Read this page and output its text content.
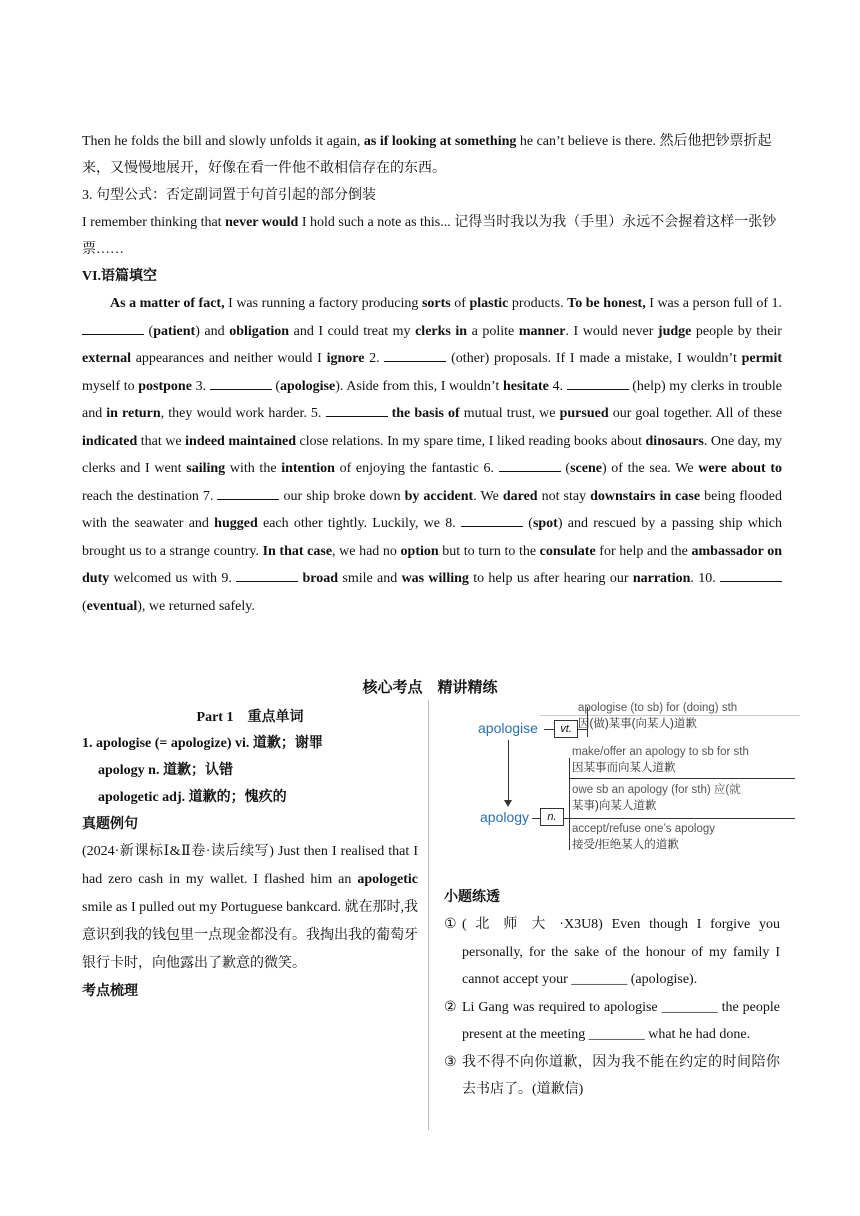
Then he folds the bill and slowly unfolds it again, as if looking at something he can’t believe is there. 然后他把钞票折起来，又慢慢地展开，好像在看一件他不敢相信存在的东西。
3. 句型公式：否定副词置于句首引起的部分倒装
I remember thinking that never would I hold such a note as this... 记得当时我以为我（手里）永远不会握着这样一张钞票……
VI.语篇填空

As a matter of fact, I was running a factory producing sorts of plastic products. To be honest, I was a person full of 1.  (patient) and obligation and I could treat my clerks in a polite manner. I would never judge people by their external appearances and neither would I ignore 2.	(other) proposals. If I made a mistake, I wouldn’t permit myself to postpone 3.	(apologise). Aside from this, I wouldn’t hesitate 4.	(help) my clerks in trouble and in return, they would work harder. 5.	the basis of mutual trust, we pursued our goal together. All of these indicated that we indeed maintained close relations. In my spare time, I liked reading books about dinosaurs. One day, my clerks and I went sailing with the intention of enjoying the fantastic 6.	(scene) of the sea. We were about to reach the destination 7.	our ship broke down by accident. We dared not stay downstairs in case being flooded with the seawater and hugged each other tightly. Luckily, we 8.	(spot) and rescued by a passing ship which brought us to a strange country. In that case, we had no option but to turn to the consulate for help and the ambassador on duty welcomed us with 9.	broad smile and was willing to help us after hearing our narration. 10.  (eventual), we returned safely.

核心考点　精讲精练
Part 1　重点单词
1. apologise (= apologize) vi. 道歉；谢罪
apology n. 道歉；认错
apologetic adj. 道歉的；愧疚的
真题例句

(2024·新课标Ⅰ&Ⅱ卷·读后续写) Just then I realised that I had zero cash in my wallet. I flashed him an apologetic smile as I pulled out my Portuguese bankcard. 就在那时,我意识到我的钱包里一点现金都没有。我掏出我的葡萄牙银行卡时，向他露出了歉意的微笑。

考点梳理
apologise	vt.
apologise (to sb) for (doing) sth
因(做)某事(向某人)道歉
apology	n.
make/offer an apology to sb for sth
因某事而向某人道歉
owe sb an apology (for sth) 应(就
某事)向某人道歉
accept/refuse one’s apology
接受/拒绝某人的道歉
小题练透
① ( 北 师 大 ·X3U8) Even though I forgive you personally, for the sake of the honour of my family I cannot accept your ________ (apologise).
② Li Gang was required to apologise ________ the people present at the meeting ________ what he had done.
③ 我不得不向你道歉，因为我不能在约定的时间陪你去书店了。(道歉信)
